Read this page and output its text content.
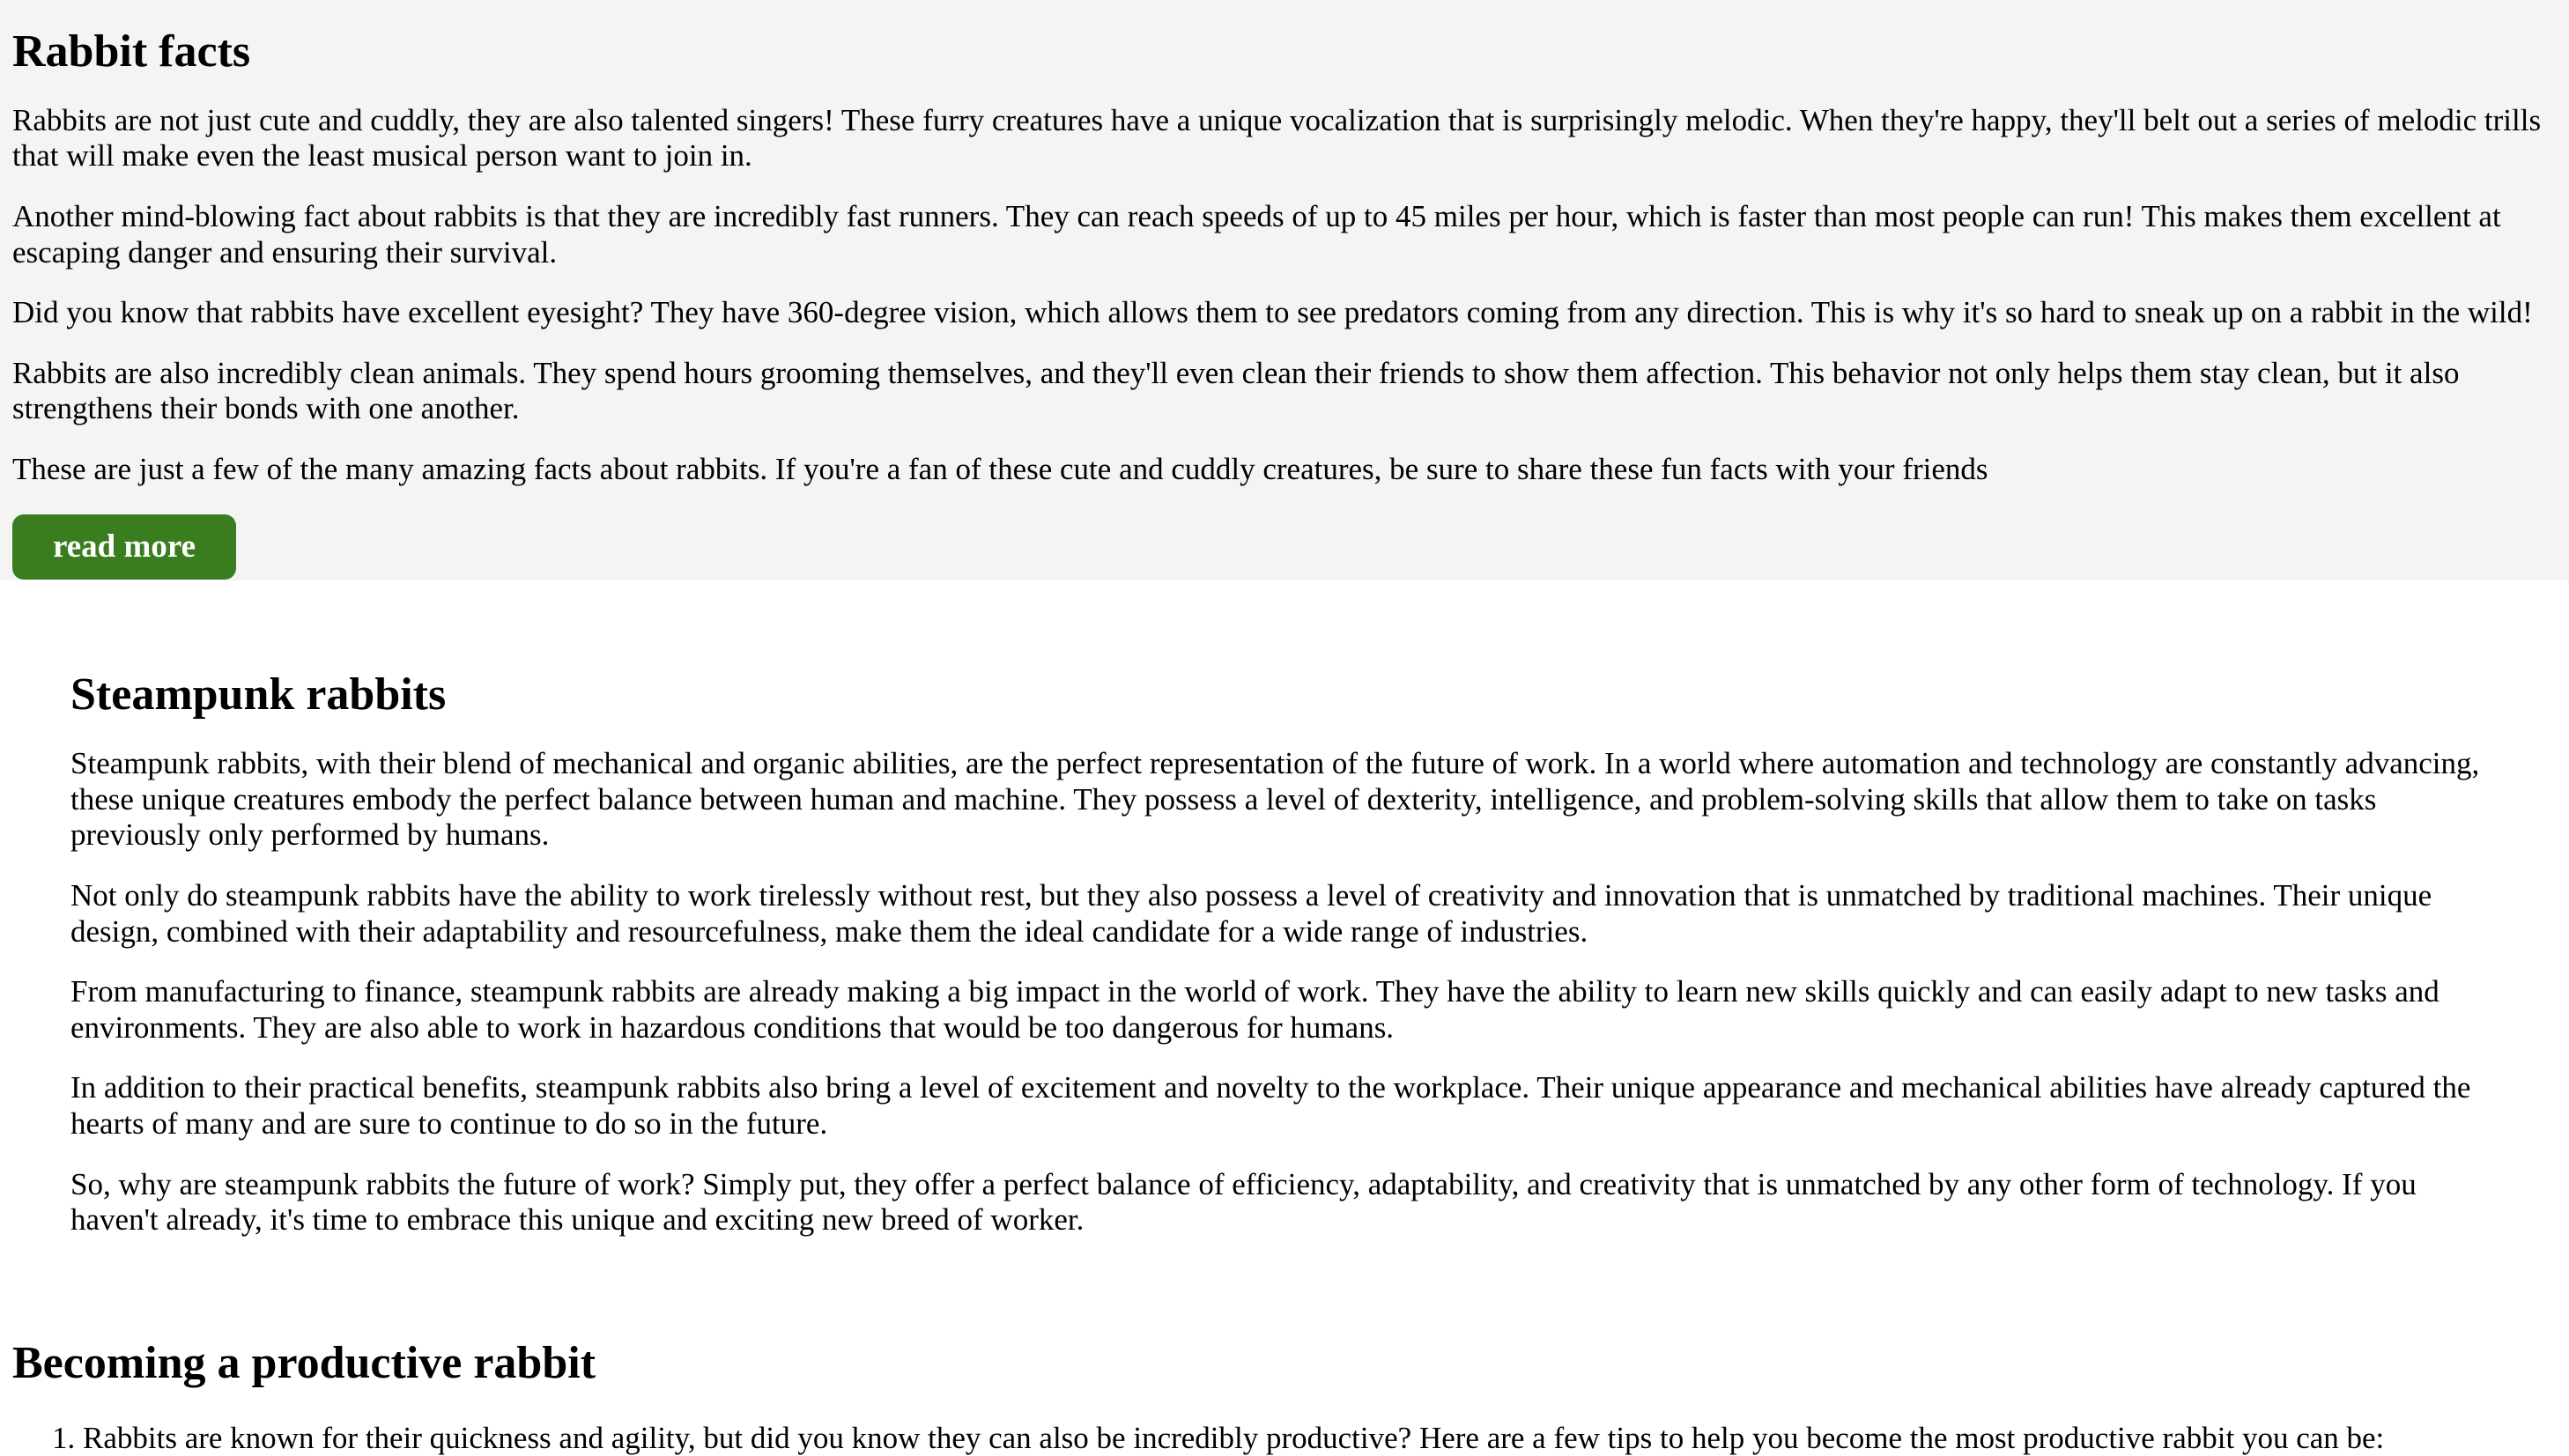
Rabbit facts

Rabbits are not just cute and cuddly, they are also talented singers! These furry creatures have a unique vocalization that is surprisingly melodic. When they're happy, they'll belt out a series of melodic trills that will make even the least musical person want to join in.

Another mind-blowing fact about rabbits is that they are incredibly fast runners. They can reach speeds of up to 45 miles per hour, which is faster than most people can run! This makes them excellent at escaping danger and ensuring their survival.

Did you know that rabbits have excellent eyesight? They have 360-degree vision, which allows them to see predators coming from any direction. This is why it's so hard to sneak up on a rabbit in the wild!

Rabbits are also incredibly clean animals. They spend hours grooming themselves, and they'll even clean their friends to show them affection. This behavior not only helps them stay clean, but it also strengthens their bonds with one another.

These are just a few of the many amazing facts about rabbits. If you're a fan of these cute and cuddly creatures, be sure to share these fun facts with your friends

read more
Steampunk rabbits

Steampunk rabbits, with their blend of mechanical and organic abilities, are the perfect representation of the future of work. In a world where automation and technology are constantly advancing, these unique creatures embody the perfect balance between human and machine. They possess a level of dexterity, intelligence, and problem-solving skills that allow them to take on tasks previously only performed by humans.

Not only do steampunk rabbits have the ability to work tirelessly without rest, but they also possess a level of creativity and innovation that is unmatched by traditional machines. Their unique design, combined with their adaptability and resourcefulness, make them the ideal candidate for a wide range of industries.

From manufacturing to finance, steampunk rabbits are already making a big impact in the world of work. They have the ability to learn new skills quickly and can easily adapt to new tasks and environments. They are also able to work in hazardous conditions that would be too dangerous for humans.

In addition to their practical benefits, steampunk rabbits also bring a level of excitement and novelty to the workplace. Their unique appearance and mechanical abilities have already captured the hearts of many and are sure to continue to do so in the future.

So, why are steampunk rabbits the future of work? Simply put, they offer a perfect balance of efficiency, adaptability, and creativity that is unmatched by any other form of technology. If you haven't already, it's time to embrace this unique and exciting new breed of worker.

Becoming a productive rabbit
1. Rabbits are known for their quickness and agility, but did you know they can also be incredibly productive? Here are a few tips to help you become the most productive rabbit you can be:
